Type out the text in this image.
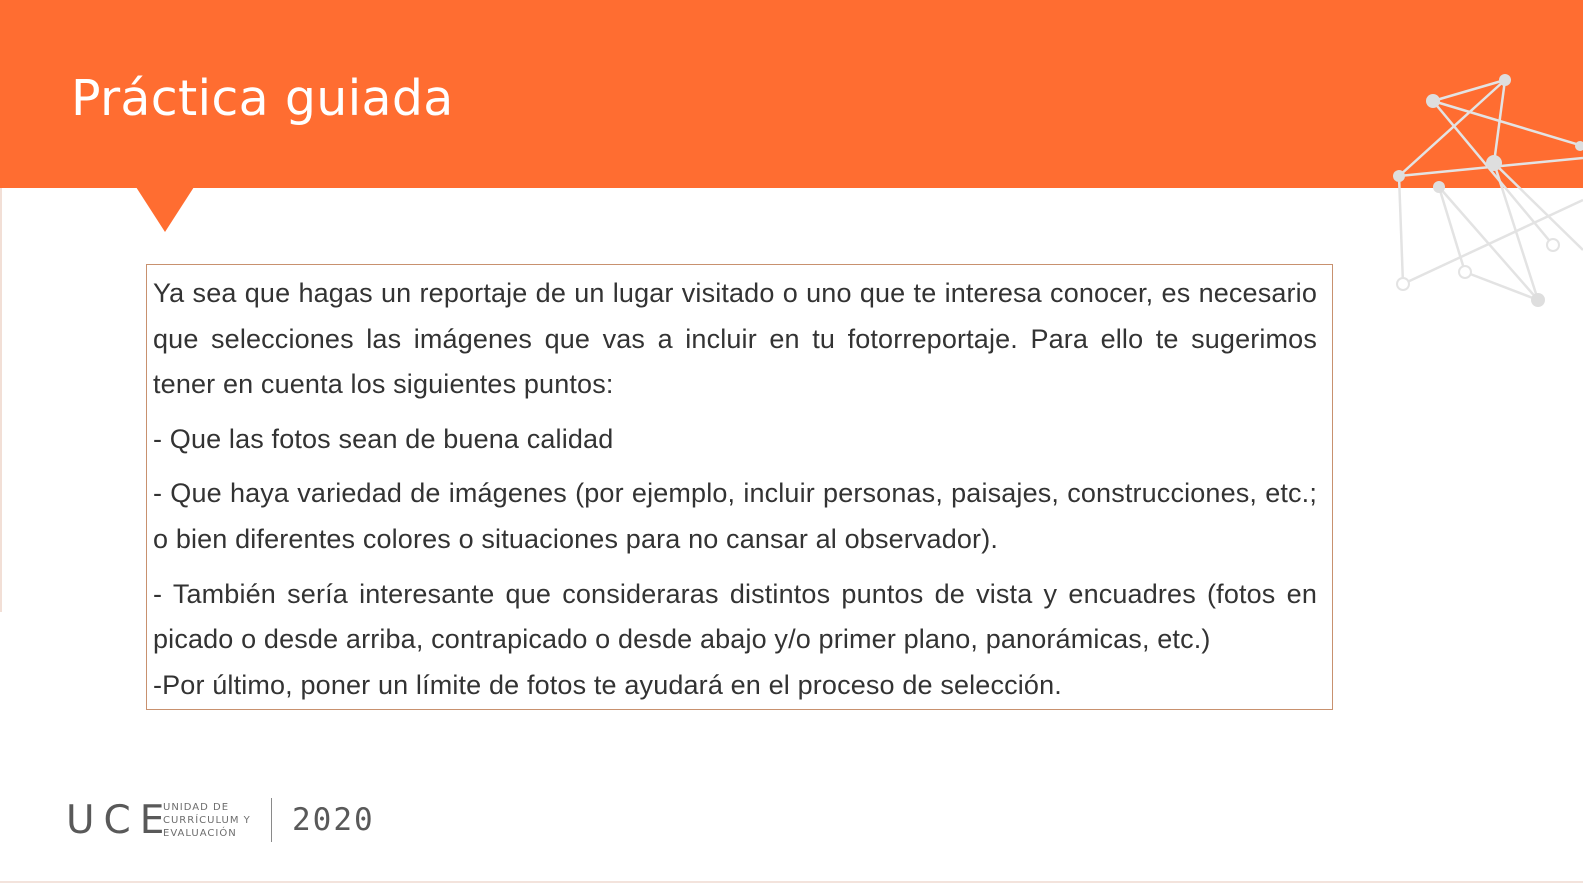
Práctica guiada

Ya sea que hagas un reportaje de un lugar visitado o uno que te interesa conocer, es necesario que selecciones las imágenes que vas a incluir en tu fotorreportaje. Para ello te sugerimos tener en cuenta los siguientes puntos:

- Que las fotos sean de buena calidad

- Que haya variedad de imágenes (por ejemplo, incluir personas, paisajes, construcciones, etc.; o bien diferentes colores o situaciones para no cansar al observador).

- También sería interesante que consideraras distintos puntos de vista y encuadres (fotos en picado o desde arriba, contrapicado o desde abajo y/o primer plano, panorámicas, etc.)

-Por último, poner un límite de fotos te ayudará en el proceso de selección.

UCE
UNIDAD DE
CURRÍCULUM Y
EVALUACIÓN	2020
